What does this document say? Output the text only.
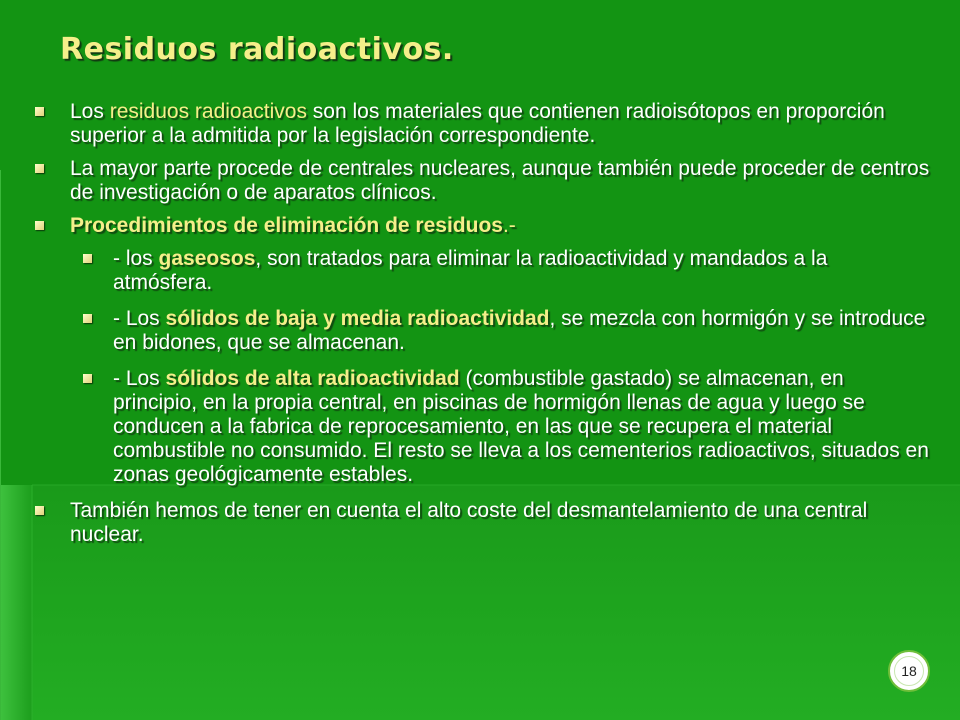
Residuos radioactivos.
Los residuos radioactivos son los materiales que contienen radioisótopos en proporción superior a la admitida por la legislación correspondiente.
La mayor parte procede de centrales nucleares, aunque también puede proceder de centros de investigación o de aparatos clínicos.
Procedimientos de eliminación de residuos.-
- los gaseosos, son tratados para eliminar la radioactividad y mandados a la atmósfera.
- Los sólidos de baja y media radioactividad, se mezcla con hormigón y se introduce en bidones, que se almacenan.
- Los sólidos de alta radioactividad (combustible gastado) se almacenan, en principio, en la propia central, en piscinas de hormigón llenas de agua y luego se conducen a la fabrica de reprocesamiento, en las que se recupera el material combustible no consumido. El resto se lleva a los cementerios radioactivos, situados en zonas geológicamente estables.
También hemos de tener en cuenta el alto coste del desmantelamiento de una central nuclear.
18
